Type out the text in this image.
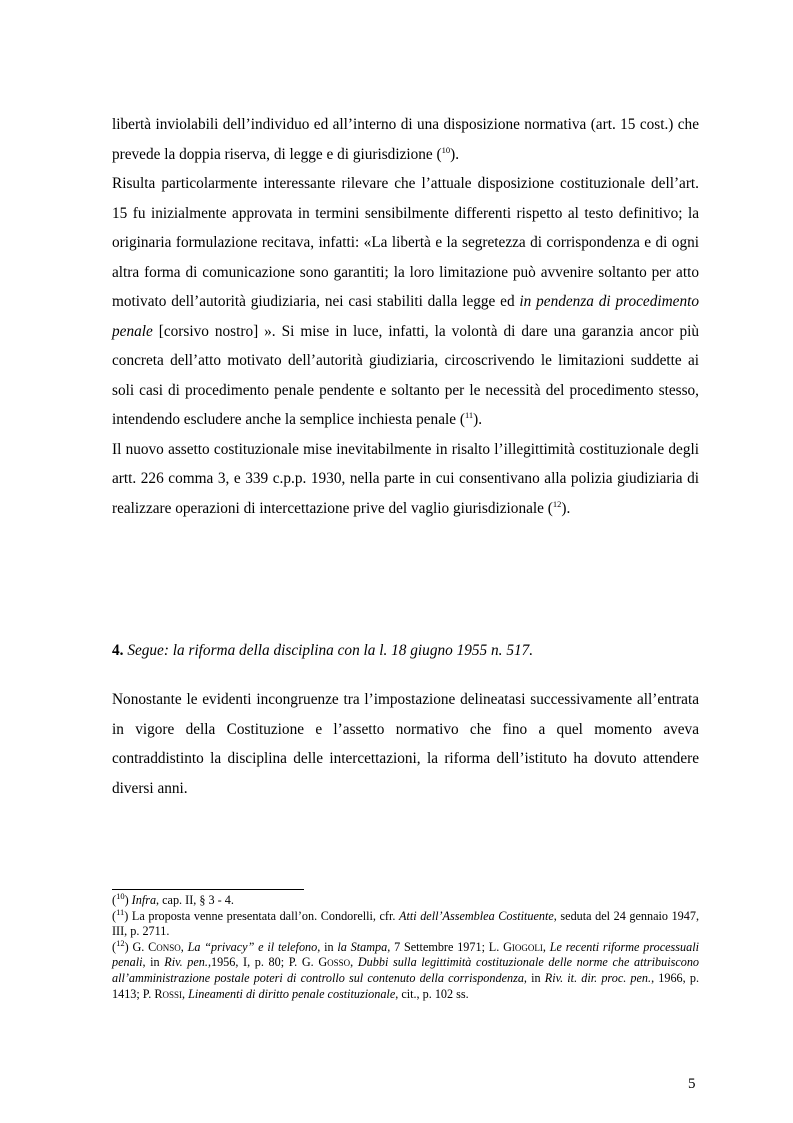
libertà inviolabili dell’individuo ed all’interno di una disposizione normativa (art. 15 cost.) che prevede la doppia riserva, di legge e di giurisdizione ($^{10}$).

Risulta particolarmente interessante rilevare che l’attuale disposizione costituzionale dell’art. 15 fu inizialmente approvata in termini sensibilmente differenti rispetto al testo definitivo; la originaria formulazione recitava, infatti: «La libertà e la segretezza di corrispondenza e di ogni altra forma di comunicazione sono garantiti; la loro limitazione può avvenire soltanto per atto motivato dell’autorità giudiziaria, nei casi stabiliti dalla legge ed in pendenza di procedimento penale [corsivo nostro] ». Si mise in luce, infatti, la volontà di dare una garanzia ancor più concreta dell’atto motivato dell’autorità giudiziaria, circoscrivendo le limitazioni suddette ai soli casi di procedimento penale pendente e soltanto per le necessità del procedimento stesso, intendendo escludere anche la semplice inchiesta penale ($^{11}$).

Il nuovo assetto costituzionale mise inevitabilmente in risalto l’illegittimità costituzionale degli artt. 226 comma 3, e 339 c.p.p. 1930, nella parte in cui consentivano alla polizia giudiziaria di realizzare operazioni di intercettazione prive del vaglio giurisdizionale ($^{12}$).

4. Segue: la riforma della disciplina con la l. 18 giugno 1955 n. 517.

Nonostante le evidenti incongruenze tra l’impostazione delineatasi successivamente all’entrata in vigore della Costituzione e l’assetto normativo che fino a quel momento aveva contraddistinto la disciplina delle intercettazioni, la riforma dell’istituto ha dovuto attendere diversi anni.

($^{10}$) Infra, cap. II, § 3 - 4.

($^{11}$) La proposta venne presentata dall’on. Condorelli, cfr. Atti dell’Assemblea Costituente, seduta del 24 gennaio 1947, III, p. 2711.

($^{12}$) G. Conso, La “privacy” e il telefono, in la Stampa, 7 Settembre 1971; L. Giogoli, Le recenti riforme processuali penali, in Riv. pen.,1956, I, p. 80; P. G. Gosso, Dubbi sulla legittimità costituzionale delle norme che attribuiscono all’amministrazione postale poteri di controllo sul contenuto della corrispondenza, in Riv. it. dir. proc. pen., 1966, p. 1413; P. Rossi, Lineamenti di diritto penale costituzionale, cit., p. 102 ss.

5
